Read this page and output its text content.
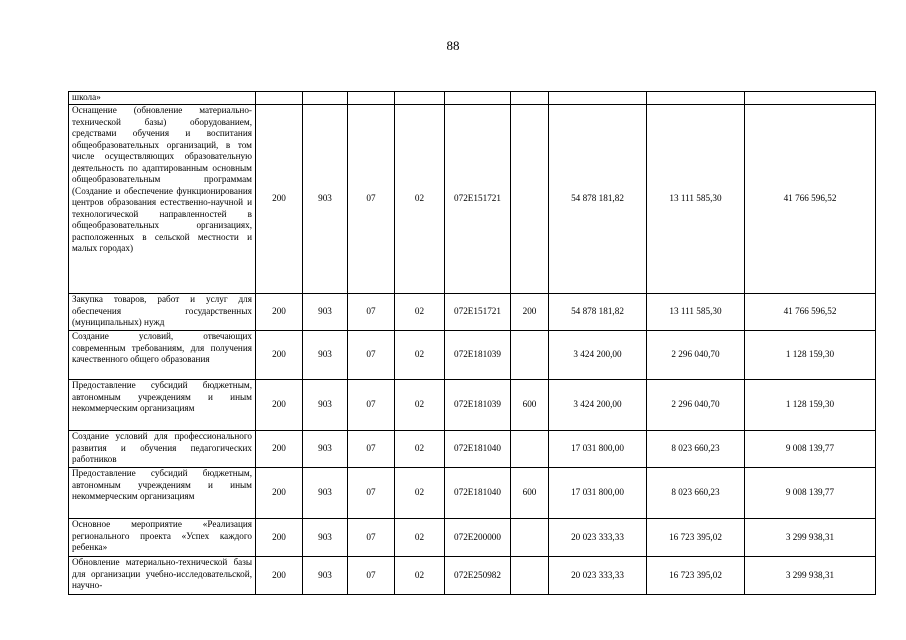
88
школа»									
Оснащение (обновление материально-технической базы) оборудованием, средствами обучения и воспитания общеобразовательных организаций, в том числе осуществляющих образовательную деятельность по адаптированным основным общеобразовательным программам (Создание и обеспечение функционирования центров образования естественно-научной и технологической направленностей в общеобразовательных организациях, расположенных в сельской местности и малых городах)	200	903	07	02	072E151721		54 878 181,82	13 111 585,30	41 766 596,52
Закупка товаров, работ и услуг для обеспечения государственных (муниципальных) нужд	200	903	07	02	072E151721	200	54 878 181,82	13 111 585,30	41 766 596,52
Создание условий, отвечающих современным требованиям, для получения качественного общего образования	200	903	07	02	072E181039		3 424 200,00	2 296 040,70	1 128 159,30
Предоставление субсидий бюджетным, автономным учреждениям и иным некоммерческим организациям	200	903	07	02	072E181039	600	3 424 200,00	2 296 040,70	1 128 159,30
Создание условий для профессионального развития и обучения педагогических работников	200	903	07	02	072E181040		17 031 800,00	8 023 660,23	9 008 139,77
Предоставление субсидий бюджетным, автономным учреждениям и иным некоммерческим организациям	200	903	07	02	072E181040	600	17 031 800,00	8 023 660,23	9 008 139,77
Основное мероприятие «Реализация регионального проекта «Успех каждого ребенка»	200	903	07	02	072E200000		20 023 333,33	16 723 395,02	3 299 938,31
Обновление материально-технической базы для организации учебно-исследовательской, научно-	200	903	07	02	072E250982		20 023 333,33	16 723 395,02	3 299 938,31
